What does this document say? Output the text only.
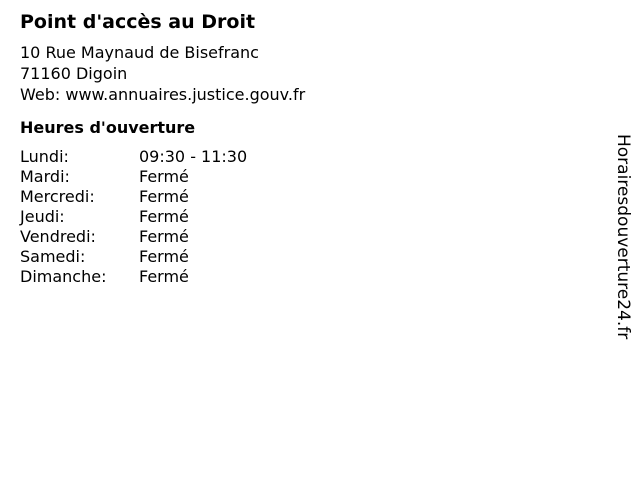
Point d'accès au Droit
10 Rue Maynaud de Bisefranc
71160 Digoin
Web: www.annuaires.justice.gouv.fr
Heures d'ouverture
Lundi:	09:30 - 11:30
Mardi:	Fermé
Mercredi:	Fermé
Jeudi:	Fermé
Vendredi:	Fermé
Samedi:	Fermé
Dimanche:	Fermé	Horairesdouverture24.fr
